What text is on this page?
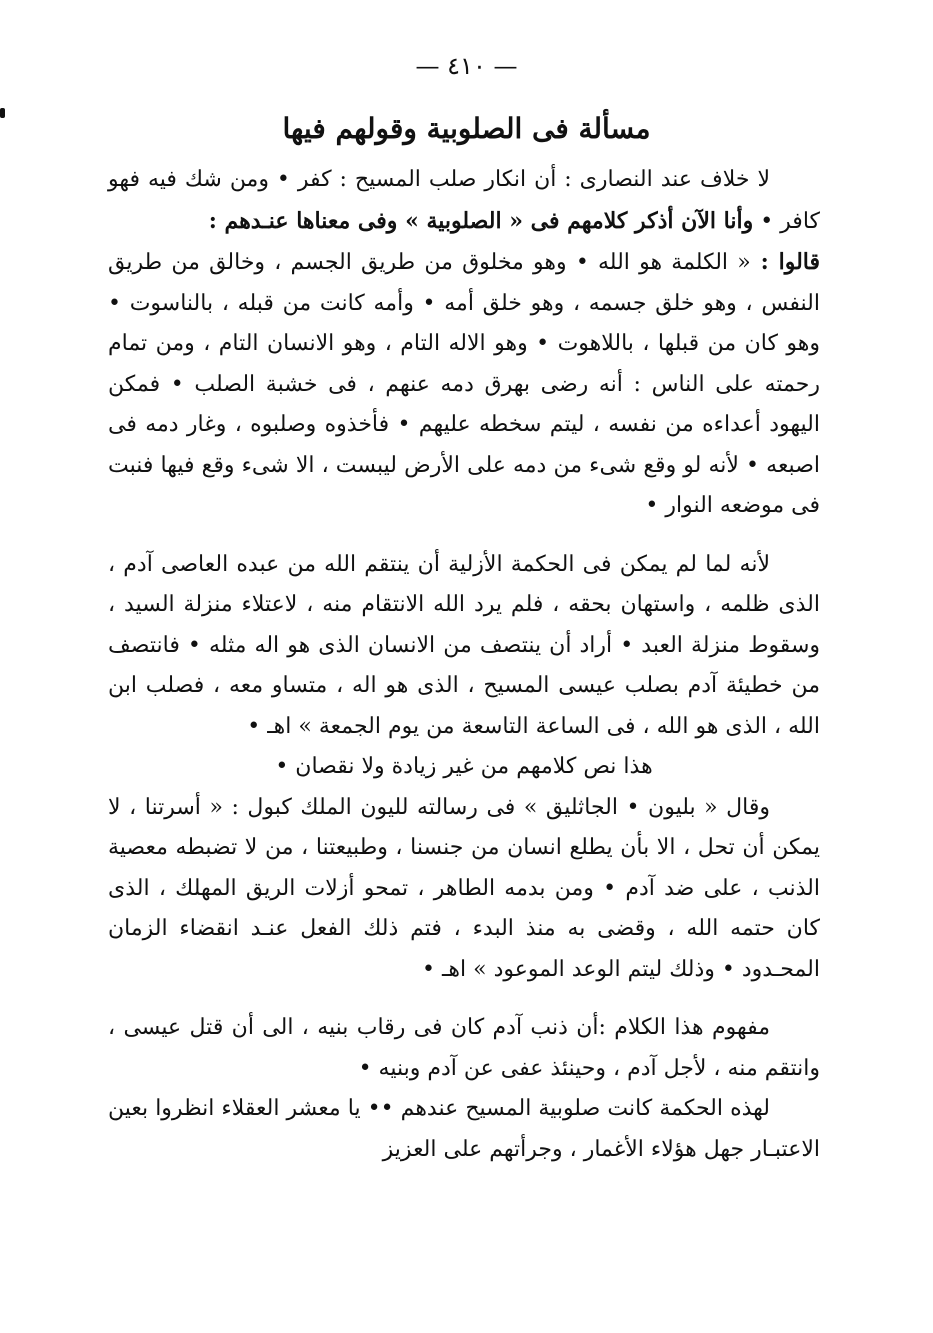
— ٤١٠ —
مسألة فى الصلوبية وقولهم فيها

لا خلاف عند النصارى : أن انكار صلب المسيح : كفر • ومن شك فيه فهو كافر • وأنا الآن أذكر كلامهم فى « الصلوبية » وفى معناها عنـدهم :

قالوا : « الكلمة هو الله • وهو مخلوق من طريق الجسم ، وخالق من طريق النفس ، وهو خلق جسمه ، وهو خلق أمه • وأمه كانت من قبله ، بالناسوت • وهو كان من قبلها ، باللاهوت • وهو الاله التام ، وهو الانسان التام ، ومن تمام رحمته على الناس : أنه رضى بهرق دمه عنهم ، فى خشبة الصلب • فمكن اليهود أعداءه من نفسه ، ليتم سخطه عليهم • فأخذوه وصلبوه ، وغار دمه فى اصبعه • لأنه لو وقع شىء من دمه على الأرض ليبست ، الا شىء وقع فيها فنبت فى موضعه النوار •

لأنه لما لم يمكن فى الحكمة الأزلية أن ينتقم الله من عبده العاصى آدم ، الذى ظلمه ، واستهان بحقه ، فلم يرد الله الانتقام منه ، لاعتلاء منزلة السيد ، وسقوط منزلة العبد • أراد أن ينتصف من الانسان الذى هو اله مثله • فانتصف من خطيئة آدم بصلب عيسى المسيح ، الذى هو اله ، متساو معه ، فصلب ابن الله ، الذى هو الله ، فى الساعة التاسعة من يوم الجمعة » اهـ •

هذا نص كلامهم من غير زيادة ولا نقصان •

وقال « بليون • الجاثليق » فى رسالته لليون الملك كبول : « أسرتنا ، لا يمكن أن تحل ، الا بأن يطلع انسان من جنسنا ، وطبيعتنا ، من لا تضبطه معصية الذنب ، على ضد آدم • ومن بدمه الطاهر ، تمحو أزلات الريق المهلك ، الذى كان حتمه الله ، وقضى به منذ البدء ، فتم ذلك الفعل عنـد انقضاء الزمان المحـدود • وذلك ليتم الوعد الموعود » اهـ •

مفهوم هذا الكلام :أن ذنب آدم كان فى رقاب بنيه ، الى أن قتل عيسى ، وانتقم منه ، لأجل آدم ، وحينئذ عفى عن آدم وبنيه •

لهذه الحكمة كانت صلوبية المسيح عندهم •• يا معشر العقلاء انظروا بعين الاعتبـار جهل هؤلاء الأغمار ، وجرأتهم على العزيز
